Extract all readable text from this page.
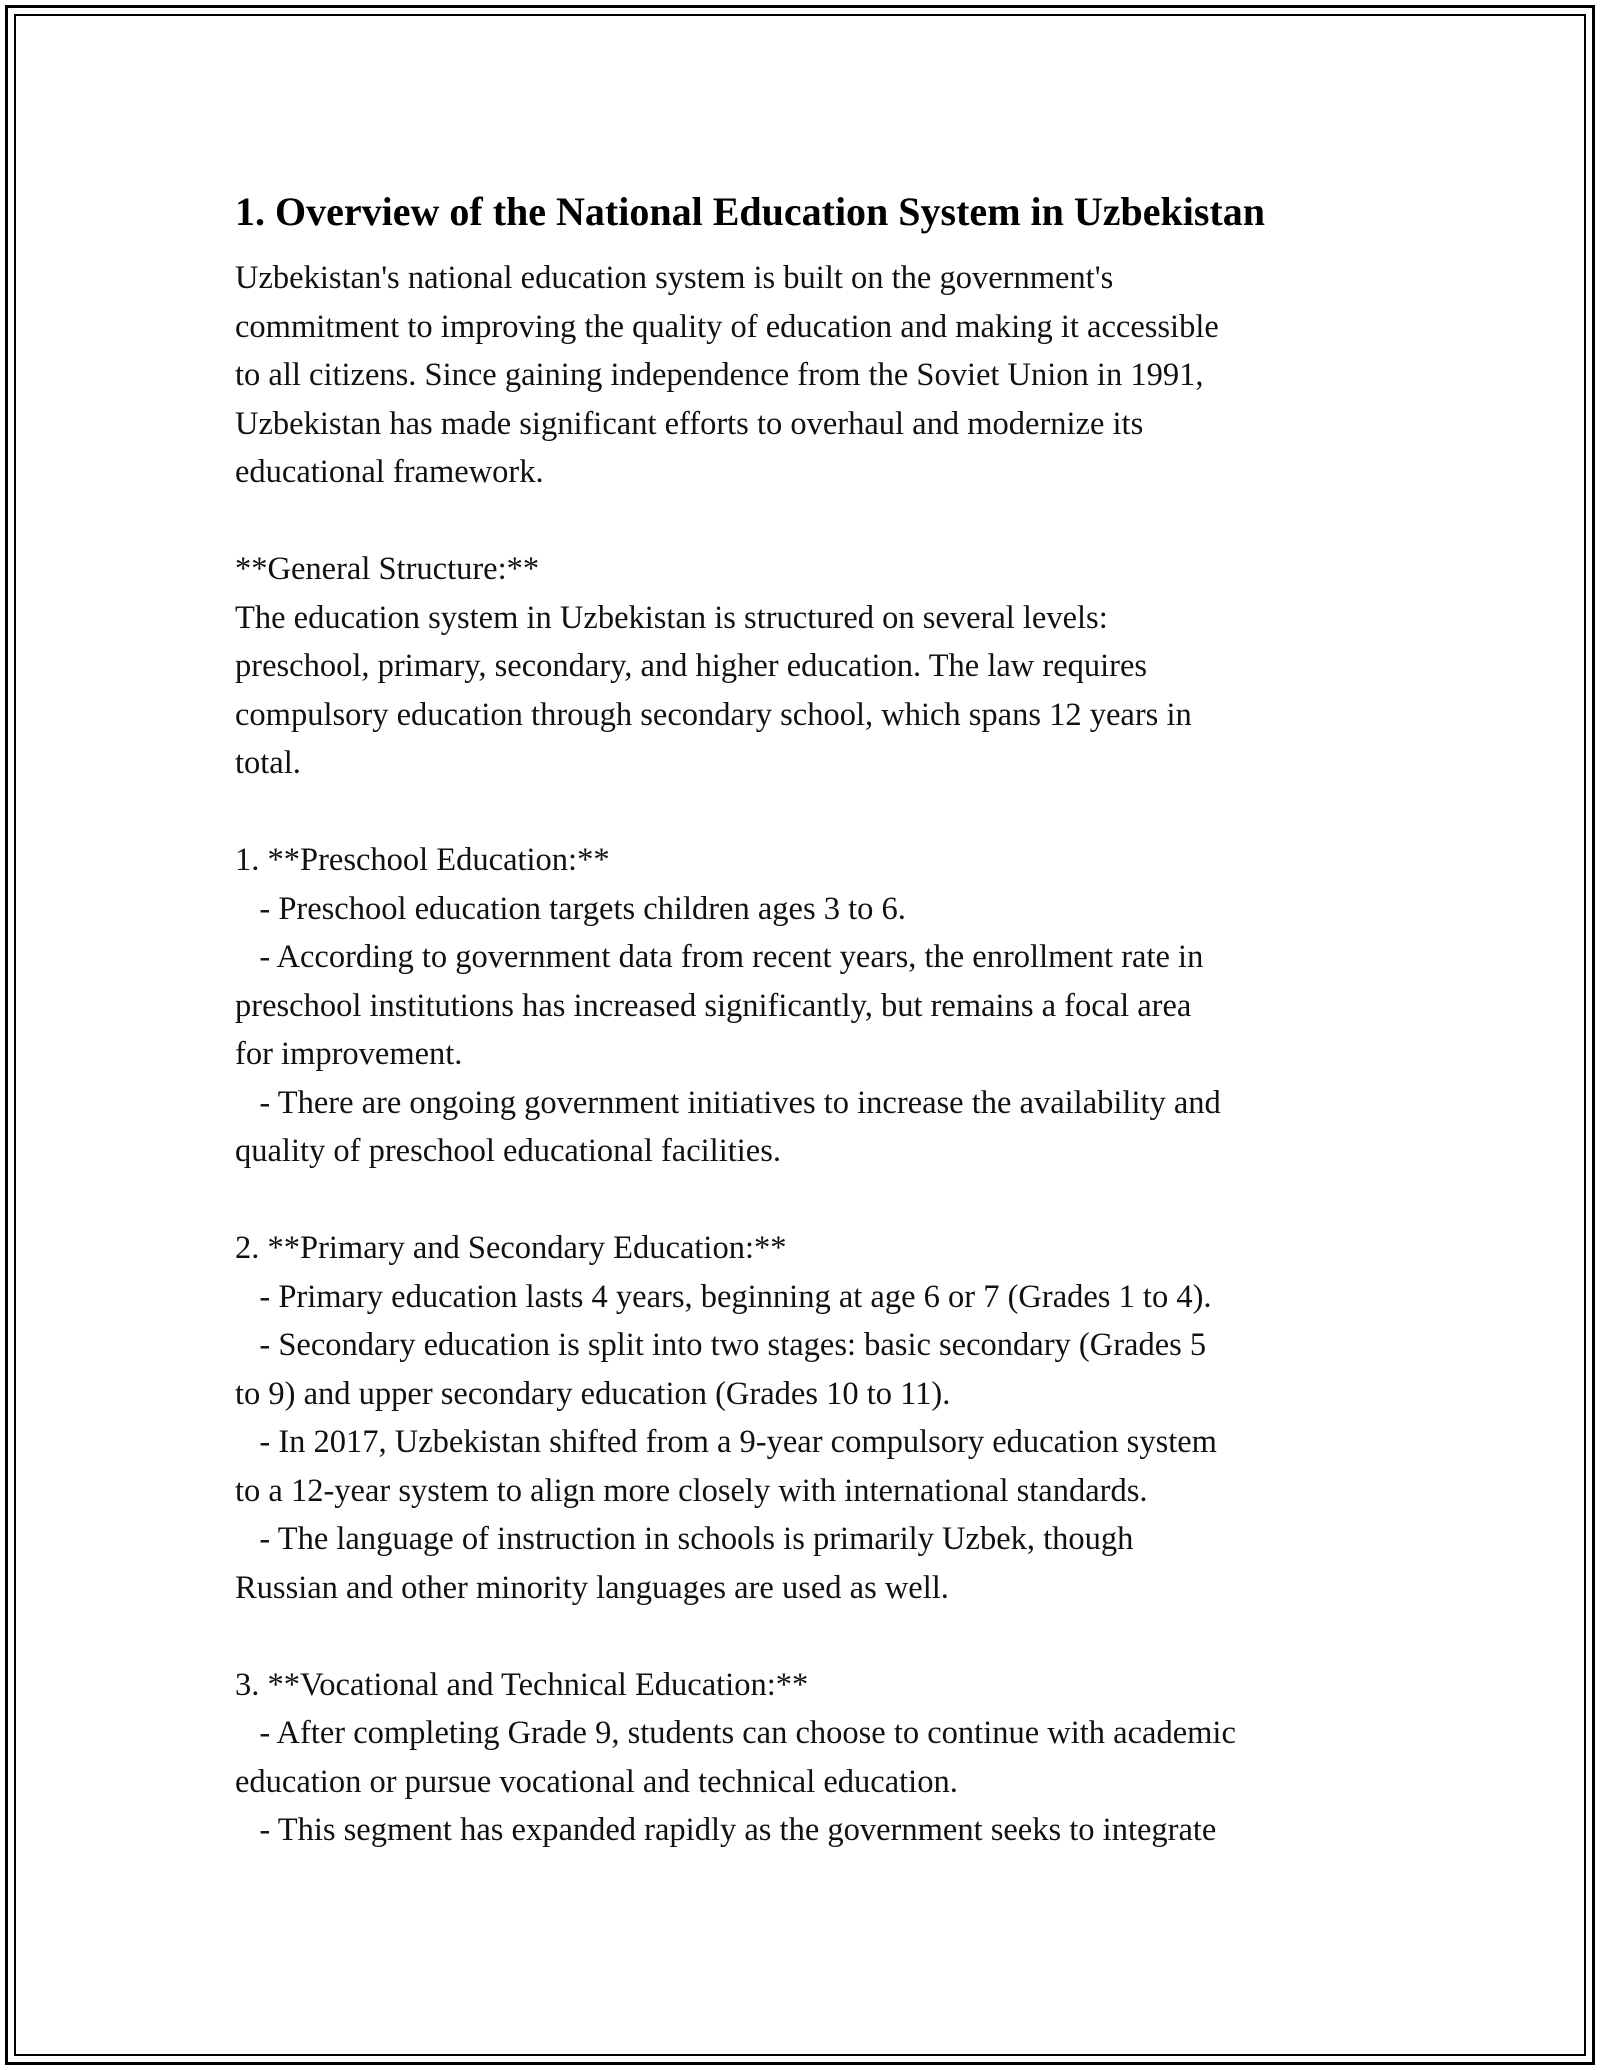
1. Overview of the National Education System in Uzbekistan

Uzbekistan's national education system is built on the government's
commitment to improving the quality of education and making it accessible
to all citizens. Since gaining independence from the Soviet Union in 1991,
Uzbekistan has made significant efforts to overhaul and modernize its
educational framework.

**General Structure:**

The education system in Uzbekistan is structured on several levels:
preschool, primary, secondary, and higher education. The law requires
compulsory education through secondary school, which spans 12 years in
total.

1. **Preschool Education:**

- Preschool education targets children ages 3 to 6.
- According to government data from recent years, the enrollment rate in
preschool institutions has increased significantly, but remains a focal area
for improvement.
- There are ongoing government initiatives to increase the availability and
quality of preschool educational facilities.

2. **Primary and Secondary Education:**

- Primary education lasts 4 years, beginning at age 6 or 7 (Grades 1 to 4).
- Secondary education is split into two stages: basic secondary (Grades 5
to 9) and upper secondary education (Grades 10 to 11).
- In 2017, Uzbekistan shifted from a 9-year compulsory education system
to a 12-year system to align more closely with international standards.
- The language of instruction in schools is primarily Uzbek, though
Russian and other minority languages are used as well.

3. **Vocational and Technical Education:**

- After completing Grade 9, students can choose to continue with academic
education or pursue vocational and technical education.
- This segment has expanded rapidly as the government seeks to integrate
